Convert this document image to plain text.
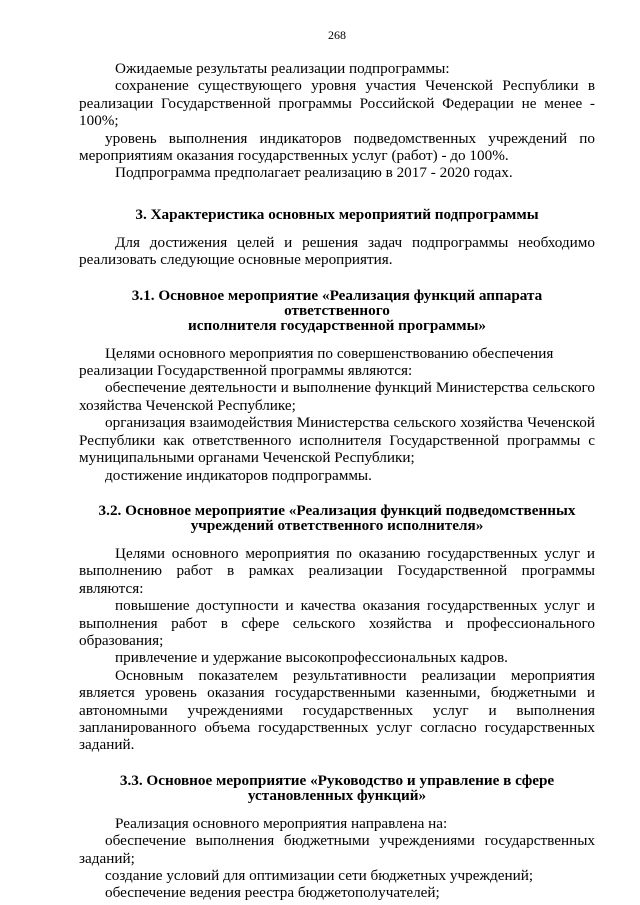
268

Ожидаемые результаты реализации подпрограммы:

сохранение существующего уровня участия Чеченской Республики в реализации Государственной программы Российской Федерации не менее - 100%;

уровень выполнения индикаторов подведомственных учреждений по мероприятиям оказания государственных услуг (работ) - до 100%.

Подпрограмма предполагает реализацию в 2017 - 2020 годах.

3. Характеристика основных мероприятий подпрограммы

Для достижения целей и решения задач подпрограммы необходимо реализовать следующие основные мероприятия.

3.1. Основное мероприятие «Реализация функций аппарата ответственного

исполнителя государственной программы»

Целями основного мероприятия по совершенствованию обеспечения

реализации Государственной программы являются:

обеспечение деятельности и выполнение функций Министерства сельского хозяйства Чеченской Республике;

организация взаимодействия Министерства сельского хозяйства Чеченской Республики как ответственного исполнителя Государственной программы с муниципальными органами Чеченской Республики;

достижение индикаторов подпрограммы.

3.2. Основное мероприятие «Реализация функций подведомственных

учреждений ответственного исполнителя»

Целями основного мероприятия по оказанию государственных услуг и выполнению работ в рамках реализации Государственной программы являются:

повышение доступности и качества оказания государственных услуг и выполнения работ в сфере сельского хозяйства и профессионального образования;

привлечение и удержание высокопрофессиональных кадров.

Основным показателем результативности реализации мероприятия является уровень оказания государственными казенными, бюджетными и автономными учреждениями государственных услуг и выполнения запланированного объема государственных услуг согласно государственных заданий.

3.3. Основное мероприятие «Руководство и управление в сфере

установленных функций»

Реализация основного мероприятия направлена на:

обеспечение выполнения бюджетными учреждениями государственных заданий;

создание условий для оптимизации сети бюджетных учреждений;

обеспечение ведения реестра бюджетополучателей;
